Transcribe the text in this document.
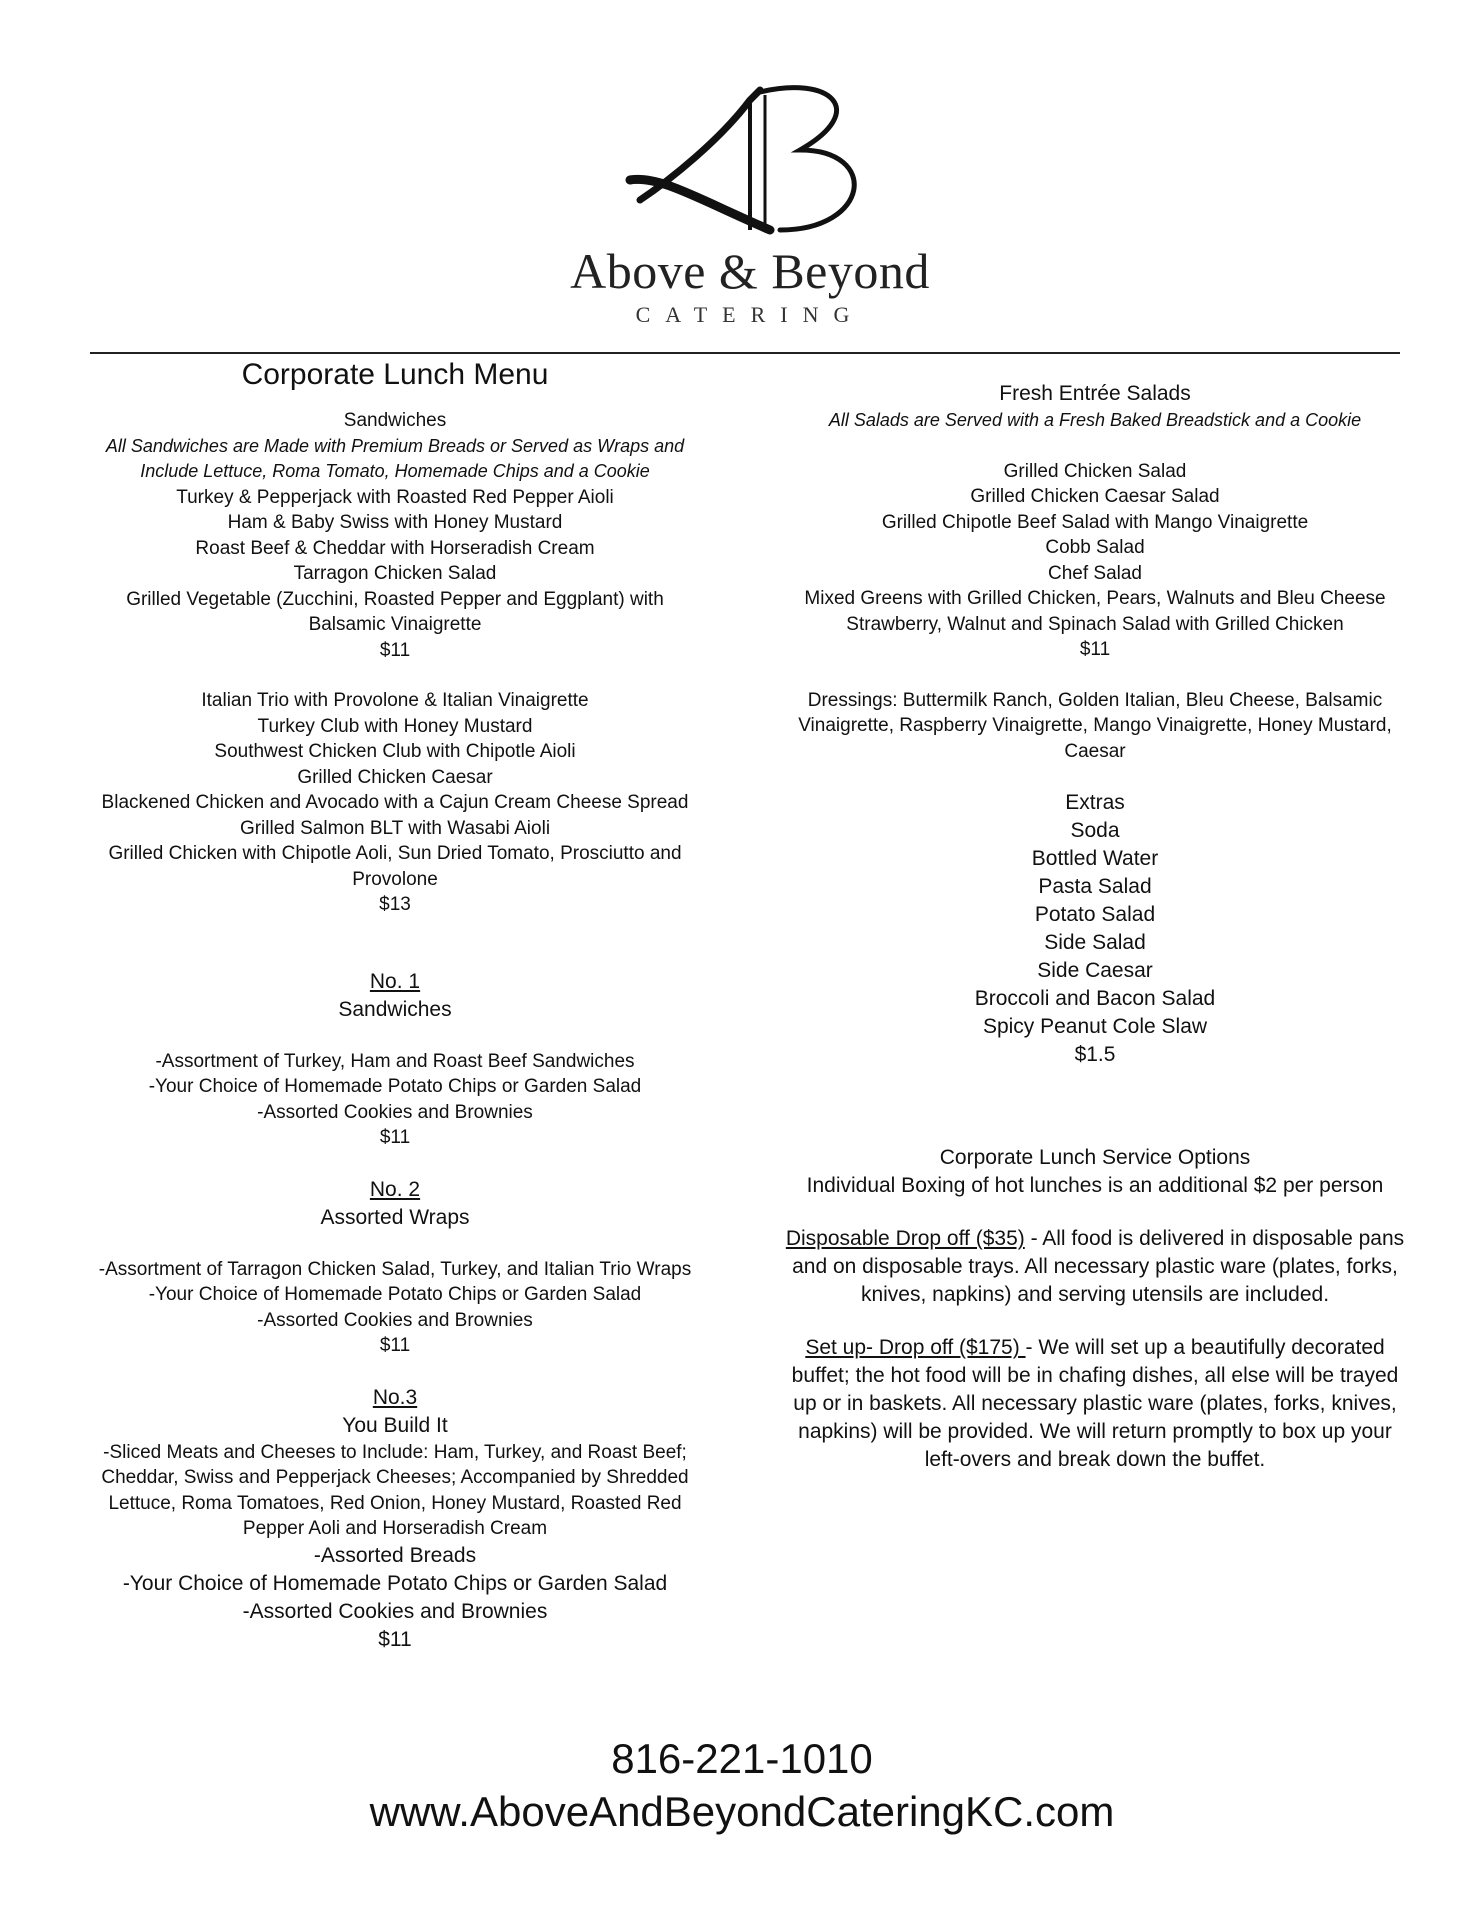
Above & Beyond
CATERING
Corporate Lunch Menu
Sandwiches
All Sandwiches are Made with Premium Breads or Served as Wraps and Include Lettuce, Roma Tomato, Homemade Chips and a Cookie
Turkey & Pepperjack with Roasted Red Pepper Aioli
Ham & Baby Swiss with Honey Mustard
Roast Beef & Cheddar with Horseradish Cream
Tarragon Chicken Salad
Grilled Vegetable (Zucchini, Roasted Pepper and Eggplant) with Balsamic Vinaigrette
$11
Italian Trio with Provolone & Italian Vinaigrette
Turkey Club with Honey Mustard
Southwest Chicken Club with Chipotle Aioli
Grilled Chicken Caesar
Blackened Chicken and Avocado with a Cajun Cream Cheese Spread
Grilled Salmon BLT with Wasabi Aioli
Grilled Chicken with Chipotle Aoli, Sun Dried Tomato, Prosciutto and Provolone
$13
No. 1
Sandwiches
-Assortment of Turkey, Ham and Roast Beef Sandwiches
-Your Choice of Homemade Potato Chips or Garden Salad
-Assorted Cookies and Brownies
$11
No. 2
Assorted Wraps
-Assortment of Tarragon Chicken Salad, Turkey, and Italian Trio Wraps
-Your Choice of Homemade Potato Chips or Garden Salad
-Assorted Cookies and Brownies
$11
No.3
You Build It
-Sliced Meats and Cheeses to Include: Ham, Turkey, and Roast Beef; Cheddar, Swiss and Pepperjack Cheeses; Accompanied by Shredded Lettuce, Roma Tomatoes, Red Onion, Honey Mustard, Roasted Red Pepper Aoli and Horseradish Cream
-Assorted Breads
-Your Choice of Homemade Potato Chips or Garden Salad
-Assorted Cookies and Brownies
$11
Fresh Entrée Salads
All Salads are Served with a Fresh Baked Breadstick and a Cookie
Grilled Chicken Salad
Grilled Chicken Caesar Salad
Grilled Chipotle Beef Salad with Mango Vinaigrette
Cobb Salad
Chef Salad
Mixed Greens with Grilled Chicken, Pears, Walnuts and Bleu Cheese
Strawberry, Walnut and Spinach Salad with Grilled Chicken
$11
Dressings: Buttermilk Ranch, Golden Italian, Bleu Cheese, Balsamic Vinaigrette, Raspberry Vinaigrette, Mango Vinaigrette, Honey Mustard, Caesar
Extras
Soda
Bottled Water
Pasta Salad
Potato Salad
Side Salad
Side Caesar
Broccoli and Bacon Salad
Spicy Peanut Cole Slaw
$1.5
Corporate Lunch Service Options
Individual Boxing of hot lunches is an additional $2 per person
Disposable Drop off ($35) - All food is delivered in disposable pans and on disposable trays. All necessary plastic ware (plates, forks, knives, napkins) and serving utensils are included.
Set up- Drop off ($175) - We will set up a beautifully decorated buffet; the hot food will be in chafing dishes, all else will be trayed up or in baskets. All necessary plastic ware (plates, forks, knives, napkins) will be provided. We will return promptly to box up your left-overs and break down the buffet.
816-221-1010
www.AboveAndBeyondCateringKC.com
